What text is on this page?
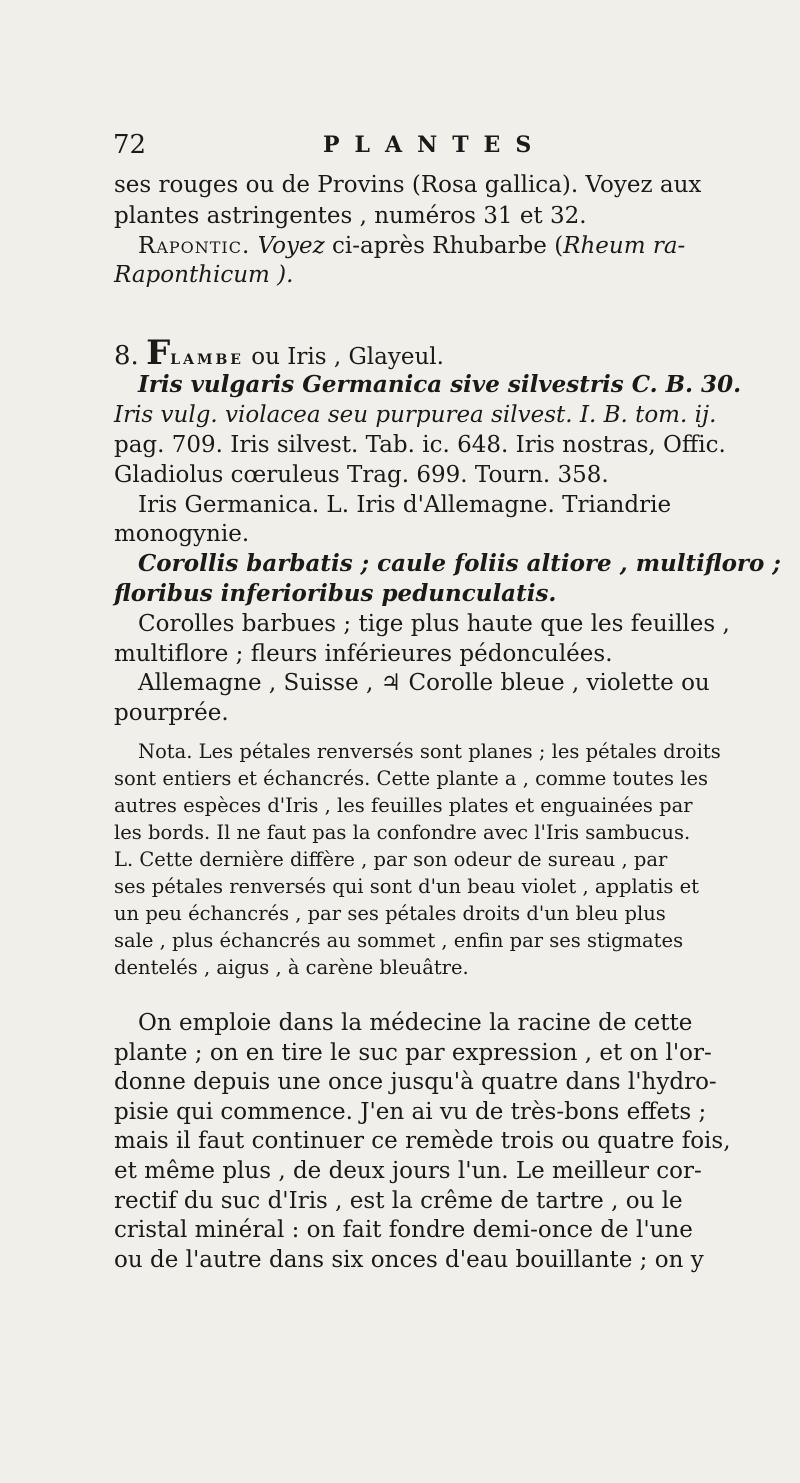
72	PLANTES
ses rouges ou de Provins (Rosa gallica). Voyez aux
plantes astringentes , numéros 31 et 32.
Rapontic. Voyez ci-après Rhubarbe (Rheum ra-
Raponthicum ).
8. FLAMBE ou Iris , Glayeul.
Iris vulgaris Germanica sive silvestris C. B. 30.
Iris vulg. violacea seu purpurea silvest. I. B. tom. ij.
pag. 709. Iris silvest. Tab. ic. 648. Iris nostras, Offic.
Gladiolus cœruleus Trag. 699. Tourn. 358.
Iris Germanica. L. Iris d'Allemagne. Triandrie
monogynie.
Corollis barbatis ; caule foliis altiore , multifloro ;
floribus inferioribus pedunculatis.
Corolles barbues ; tige plus haute que les feuilles ,
multiflore ; fleurs inférieures pédonculées.
Allemagne , Suisse , ♃ Corolle bleue , violette ou
pourprée.
Nota. Les pétales renversés sont planes ; les pétales droits
sont entiers et échancrés. Cette plante a , comme toutes les
autres espèces d'Iris , les feuilles plates et enguainées par
les bords. Il ne faut pas la confondre avec l'Iris sambucus.
L. Cette dernière diffère , par son odeur de sureau , par
ses pétales renversés qui sont d'un beau violet , applatis et
un peu échancrés , par ses pétales droits d'un bleu plus
sale , plus échancrés au sommet , enfin par ses stigmates
dentelés , aigus , à carène bleuâtre.
On emploie dans la médecine la racine de cette
plante ; on en tire le suc par expression , et on l'or-
donne depuis une once jusqu'à quatre dans l'hydro-
pisie qui commence. J'en ai vu de très-bons effets ;
mais il faut continuer ce remède trois ou quatre fois,
et même plus , de deux jours l'un. Le meilleur cor-
rectif du suc d'Iris , est la crême de tartre , ou le
cristal minéral : on fait fondre demi-once de l'une
ou de l'autre dans six onces d'eau bouillante ; on y
